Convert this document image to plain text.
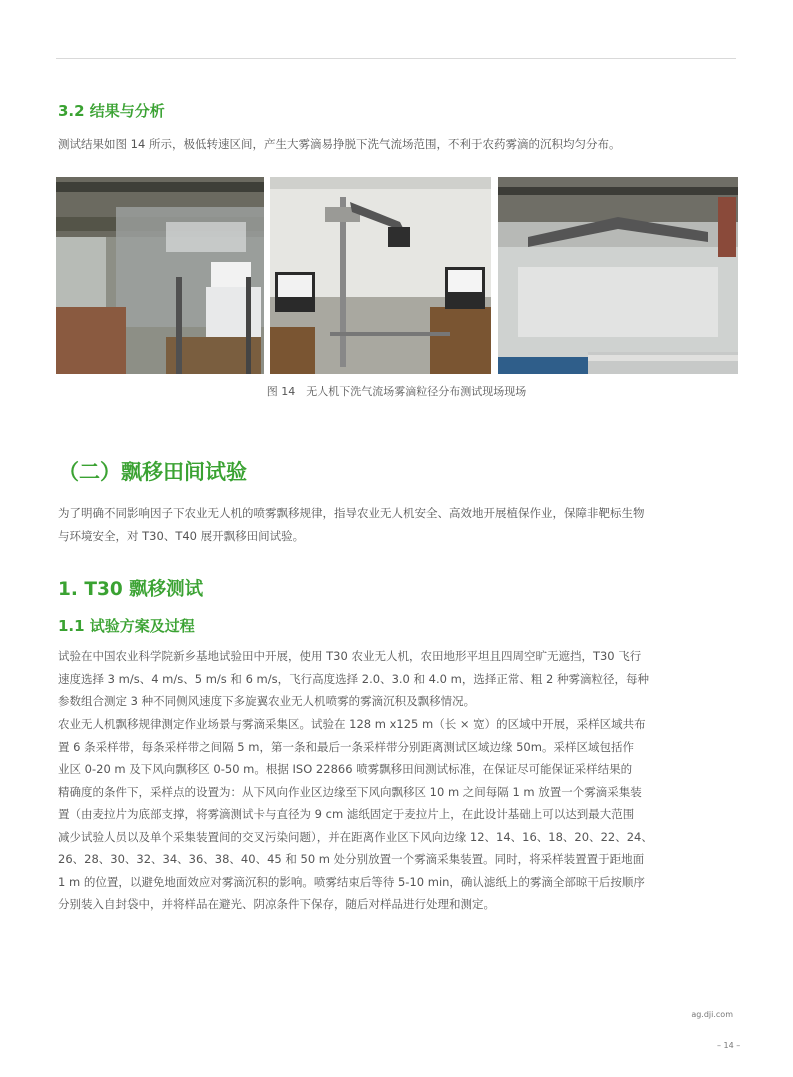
3.2 结果与分析

测试结果如图 14 所示，极低转速区间，产生大雾滴易挣脱下洗气流场范围，不利于农药雾滴的沉积均匀分布。

图 14　无人机下洗气流场雾滴粒径分布测试现场现场
（二）飘移田间试验

为了明确不同影响因子下农业无人机的喷雾飘移规律，指导农业无人机安全、高效地开展植保作业，保障非靶标生物
与环境安全，对 T30、T40 展开飘移田间试验。

1. T30 飘移测试
1.1 试验方案及过程

试验在中国农业科学院新乡基地试验田中开展，使用 T30 农业无人机，农田地形平坦且四周空旷无遮挡，T30 飞行
速度选择 3 m/s、4 m/s、5 m/s 和 6 m/s，飞行高度选择 2.0、3.0 和 4.0 m，选择正常、粗 2 种雾滴粒径，每种
参数组合测定 3 种不同侧风速度下多旋翼农业无人机喷雾的雾滴沉积及飘移情况。

农业无人机飘移规律测定作业场景与雾滴采集区。试验在 128 m x125 m（长 × 宽）的区域中开展，采样区域共布
置 6 条采样带，每条采样带之间隔 5 m，第一条和最后一条采样带分别距离测试区域边缘 50m。采样区域包括作
业区 0-20 m 及下风向飘移区 0-50 m。根据 ISO 22866 喷雾飘移田间测试标准，在保证尽可能保证采样结果的
精确度的条件下，采样点的设置为：从下风向作业区边缘至下风向飘移区 10 m 之间每隔 1 m 放置一个雾滴采集装
置（由麦拉片为底部支撑，将雾滴测试卡与直径为 9 cm 滤纸固定于麦拉片上，在此设计基础上可以达到最大范围
减少试验人员以及单个采集装置间的交叉污染问题），并在距离作业区下风向边缘 12、14、16、18、20、22、24、
26、28、30、32、34、36、38、40、45 和 50 m 处分别放置一个雾滴采集装置。同时，将采样装置置于距地面
1 m 的位置，以避免地面效应对雾滴沉积的影响。喷雾结束后等待 5-10 min，确认滤纸上的雾滴全部晾干后按顺序
分别装入自封袋中，并将样品在避光、阴凉条件下保存，随后对样品进行处理和测定。

ag.dji.com
– 14 –
